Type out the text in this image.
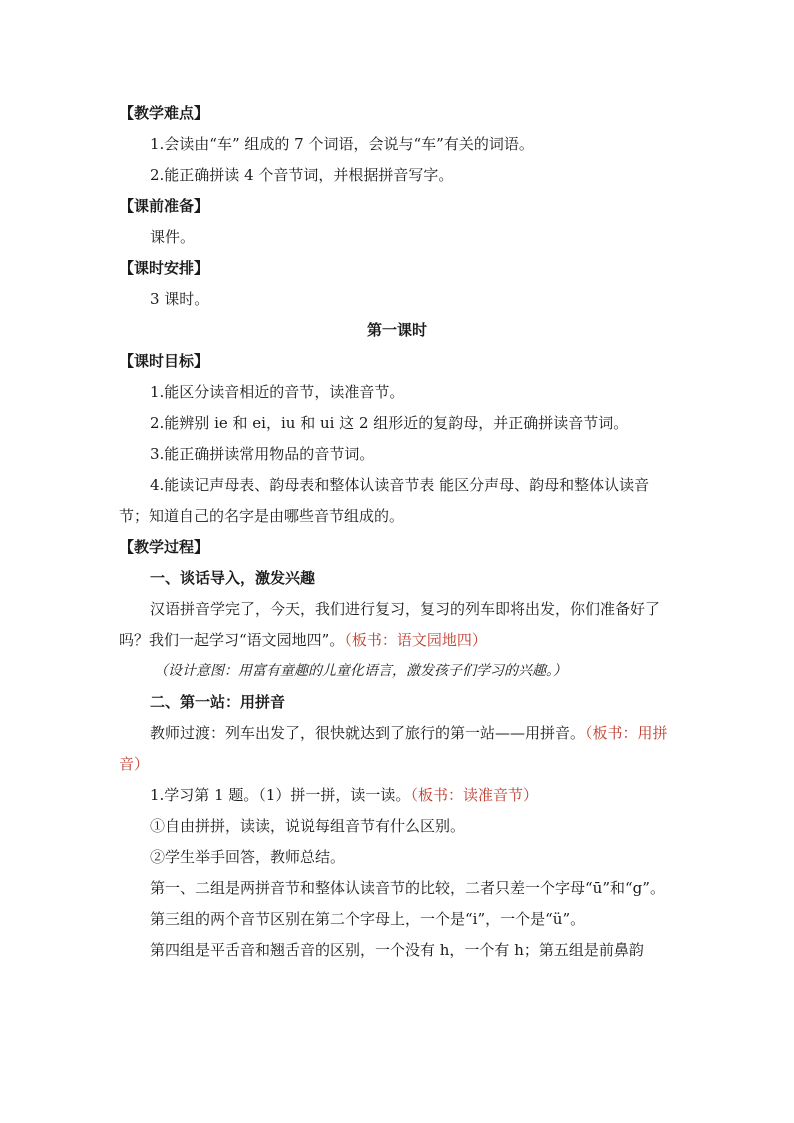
【教学难点】
1.会读由“车” 组成的 7 个词语，会说与“车”有关的词语。
2.能正确拼读 4 个音节词，并根据拼音写字。
【课前准备】
课件。
【课时安排】
3 课时。
第一课时
【课时目标】
1.能区分读音相近的音节，读准音节。
2.能辨别 ie 和 ei，iu 和 ui 这 2 组形近的复韵母，并正确拼读音节词。
3.能正确拼读常用物品的音节词。
4.能读记声母表、韵母表和整体认读音节表 能区分声母、韵母和整体认读音节；知道自己的名字是由哪些音节组成的。
【教学过程】
一、谈话导入，激发兴趣
汉语拼音学完了，今天，我们进行复习，复习的列车即将出发，你们准备好了吗？我们一起学习“语文园地四”。（板书：语文园地四）
（设计意图：用富有童趣的儿童化语言，激发孩子们学习的兴趣。）
二、第一站：用拼音
教师过渡：列车出发了，很快就达到了旅行的第一站——用拼音。（板书：用拼音）
1.学习第 1 题。（1）拼一拼，读一读。（板书：读准音节）
①自由拼拼，读读，说说每组音节有什么区别。
②学生举手回答，教师总结。
第一、二组是两拼音节和整体认读音节的比较，二者只差一个字母“ū”和“g”。
第三组的两个音节区别在第二个字母上，一个是“i”，一个是“ü”。
第四组是平舌音和翘舌音的区别，一个没有 h，一个有 h；第五组是前鼻韵
